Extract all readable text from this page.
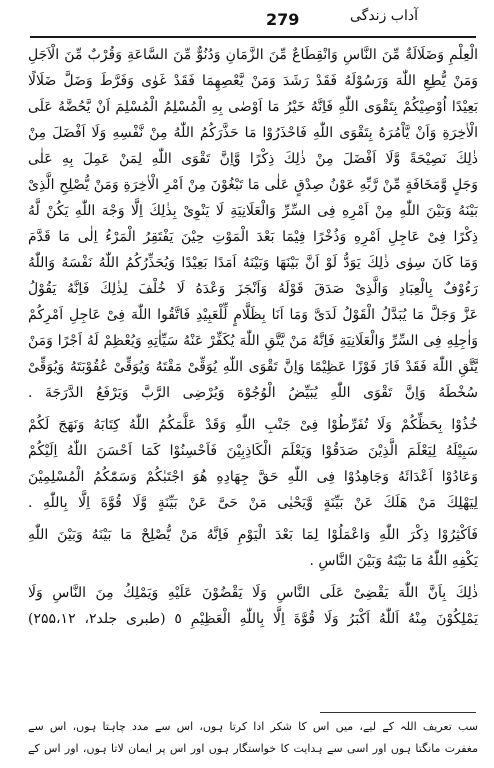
279	آداب زندگی
الْعِلْمِ وَضَلَالَةٌ مِّنَ النَّاسِ وَانْقِطَاعٌ مِّنَ الزَّمَانِ وَدُنُوٌّ مِّنَ السَّاعَةِ وَقُرْبٌ مِّنَ الْاَجَلِ
وَمَنْ يُّطِعِ اللّٰهَ وَرَسُوْلَهُ فَقَدْ رَشَدَ وَمَنْ يَّعْصِهِمَا فَقَدْ غَوٰى وَفَرَّطَ وَضَلَّ ضَلَالًا
بَعِيْدًا اُوْصِيْكُمْ بِتَقْوَى اللّٰهِ فَاِنَّهُ خَيْرُ مَا اَوْصٰى بِهِ الْمُسْلِمُ الْمُسْلِمَ اَنْ يَّحُضَّهُ عَلَى
الْاٰخِرَةِ وَاَنْ يَّاْمُرَهُ بِتَقْوَى اللّٰهِ فَاحْذَرُوْا مَا حَذَّرَكُمُ اللّٰهُ مِنْ نَّفْسِهِ وَلَا اَفْضَلَ مِنْ
ذٰلِكَ نَصِيْحَةً وَّلَا اَفْضَلَ مِنْ ذٰلِكَ ذِكْرًا وَّاِنَّ تَقْوَى اللّٰهِ لِمَنْ عَمِلَ بِهِ عَلٰى
وَجَلٍ وَّمَخَافَةٍ مِّنْ رَّبِّهِ عَوْنُ صِدْقٍ عَلٰى مَا تَبْغُوْنَ مِنْ اَمْرِ الْاٰخِرَةِ وَمَنْ يُّصْلِحِ الَّذِىْ
بَيْنَهُ وَبَيْنَ اللّٰهِ مِنْ اَمْرِهِ فِى السِّرِّ وَالْعَلَانِيَةِ لَا يَنْوِىْ بِذٰلِكَ اِلَّا وَجْهَ اللّٰهِ يَكُنْ لَّهُ
ذِكْرًا فِىْ عَاجِلِ اَمْرِهِ وَذُخْرًا فِيْمَا بَعْدَ الْمَوْتِ حِيْنَ يَفْتَقِرُ الْمَرْءُ اِلٰى مَا قَدَّمَ
وَمَا كَانَ سِوٰى ذٰلِكَ يَوَدُّ لَوْ اَنَّ بَيْنَهَا وَبَيْنَهُ اَمَدًا بَعِيْدًا وَيُحَذِّرُكُمُ اللّٰهُ نَفْسَهُ وَاللّٰهُ
رَءُوْفٌ بِالْعِبَادِ وَالَّذِىْ صَدَقَ قَوْلَهُ وَاَنْجَزَ وَعْدَهُ لَا خُلْفَ لِذٰلِكَ فَاِنَّهُ يَقُوْلُ
عَزَّ وَجَلَّ مَا يُبَدَّلُ الْقَوْلُ لَدَىَّ وَمَا اَنَا بِظَلَّامٍ لِّلْعَبِيْدِ فَاتَّقُوا اللّٰهَ فِىْ عَاجِلِ اَمْرِكُمْ
وَاٰجِلِهِ فِى السِّرِّ وَالْعَلَانِيَةِ فَاِنَّهُ مَنْ يَّتَّقِ اللّٰهَ يُكَفِّرْ عَنْهُ سَيِّاٰتِهِ وَيُعْظِمْ لَهُ اَجْرًا وَمَنْ
يَّتَّقِ اللّٰهَ فَقَدْ فَازَ فَوْزًا عَظِيْمًا وَاِنَّ تَقْوَى اللّٰهِ يُوَقِّىْ مَقْتَهُ وَيُوَقِّىْ عُقُوْبَتَهُ وَيُوَقِّىْ
سُخْطَهُ وَاِنَّ تَقْوَى اللّٰهِ يُبَيِّضُ الْوُجُوْهَ وَيُرْضِى الرَّبَّ وَيَرْفَعُ الدَّرَجَةَ .
خُذُوْا بِحَظِّكُمْ وَلَا تُفَرِّطُوْا فِىْ جَنْبِ اللّٰهِ وَقَدْ عَلَّمَكُمُ اللّٰهُ كِتَابَهُ وَنَهَجَ لَكُمْ
سَبِيْلَهُ لِيَعْلَمَ الَّذِيْنَ صَدَقُوْا وَيَعْلَمَ الْكَاذِبِيْنَ فَاَحْسِنُوْا كَمَا اَحْسَنَ اللّٰهُ اِلَيْكُمْ
وَعَادُوْا اَعْدَائَهُ وَجَاهِدُوْا فِى اللّٰهِ حَقَّ جِهَادِهِ هُوَ اجْتَبٰكُمْ وَسَمّٰكُمُ الْمُسْلِمِيْنَ
لِيَهْلِكَ مَنْ هَلَكَ عَنْ بَيِّنَةٍ وَّيَحْيٰى مَنْ حَىَّ عَنْ بَيِّنَةٍ وَّلَا قُوَّةَ اِلَّا بِاللّٰهِ .
فَاَكْثِرُوْا ذِكْرَ اللّٰهِ وَاعْمَلُوْا لِمَا بَعْدَ الْيَوْمِ فَاِنَّهُ مَنْ يُّصْلِحْ مَا بَيْنَهُ وَبَيْنَ اللّٰهِ
يَكْفِهِ اللّٰهُ مَا بَيْنَهُ وَبَيْنَ النَّاسِ .
ذٰلِكَ بِاَنَّ اللّٰهَ يَقْضِىْ عَلَى النَّاسِ وَلَا يَقْضُوْنَ عَلَيْهِ وَيَمْلِكُ مِنَ النَّاسِ وَلَا
يَمْلِكُوْنَ مِنْهُ اَللّٰهُ اَكْبَرُ وَلَا قُوَّةَ اِلَّا بِاللّٰهِ الْعَظِيْمِ ٥ (طبری جلد۲، ۲۵۵،۱۲)
سب تعریف اللہ کے لیے، میں اس کا شکر ادا کرتا ہوں، اس سے مدد چاہتا ہوں، اس سے
مغفرت مانگتا ہوں اور اسی سے ہدایت کا خواستگار ہوں اور اس پر ایمان لاتا ہوں، اور اس کے
